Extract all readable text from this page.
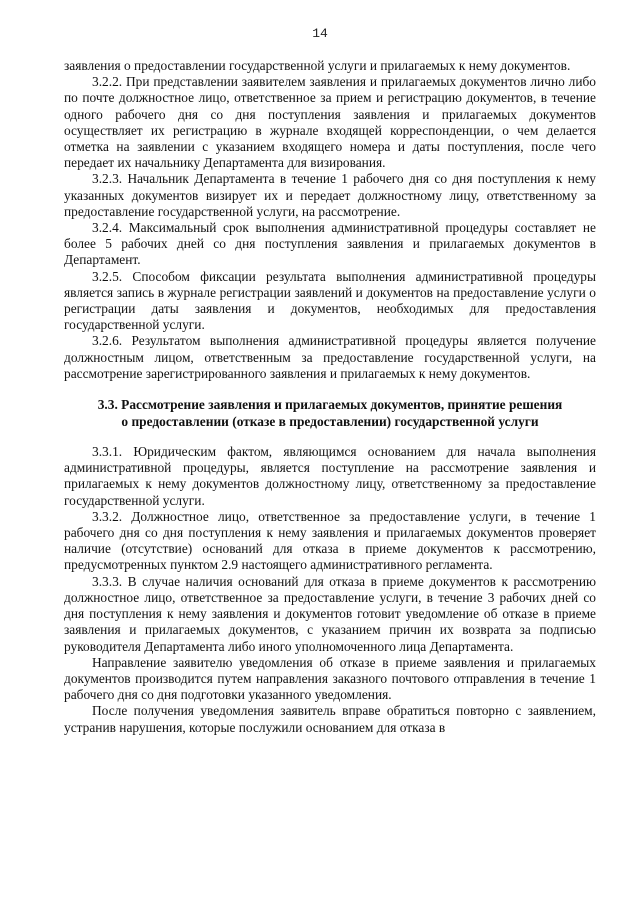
14

заявления о предоставлении государственной услуги и прилагаемых к нему документов.

3.2.2. При представлении заявителем заявления и прилагаемых документов лично либо по почте должностное лицо, ответственное за прием и регистрацию документов, в течение одного рабочего дня со дня поступления заявления и прилагаемых документов осуществляет их регистрацию в журнале входящей корреспонденции, о чем делается отметка на заявлении с указанием входящего номера и даты поступления, после чего передает их начальнику Департамента для визирования.

3.2.3. Начальник Департамента в течение 1 рабочего дня со дня поступления к нему указанных документов визирует их и передает должностному лицу, ответственному за предоставление государственной услуги, на рассмотрение.

3.2.4. Максимальный срок выполнения административной процедуры составляет не более 5 рабочих дней со дня поступления заявления и прилагаемых документов в Департамент.

3.2.5. Способом фиксации результата выполнения административной процедуры является запись в журнале регистрации заявлений и документов на предоставление услуги о регистрации даты заявления и документов, необходимых для предоставления государственной услуги.

3.2.6. Результатом выполнения административной процедуры является получение должностным лицом, ответственным за предоставление государственной услуги, на рассмотрение зарегистрированного заявления и прилагаемых к нему документов.

3.3. Рассмотрение заявления и прилагаемых документов, принятие решения
о предоставлении (отказе в предоставлении) государственной услуги

3.3.1. Юридическим фактом, являющимся основанием для начала выполнения административной процедуры, является поступление на рассмотрение заявления и прилагаемых к нему документов должностному лицу, ответственному за предоставление государственной услуги.

3.3.2. Должностное лицо, ответственное за предоставление услуги, в течение 1 рабочего дня со дня поступления к нему заявления и прилагаемых документов проверяет наличие (отсутствие) оснований для отказа в приеме документов к рассмотрению, предусмотренных пунктом 2.9 настоящего административного регламента.

3.3.3. В случае наличия оснований для отказа в приеме документов к рассмотрению должностное лицо, ответственное за предоставление услуги, в течение 3 рабочих дней со дня поступления к нему заявления и документов готовит уведомление об отказе в приеме заявления и прилагаемых документов, с указанием причин их возврата за подписью руководителя Департамента либо иного уполномоченного лица Департамента.

Направление заявителю уведомления об отказе в приеме заявления и прилагаемых документов производится путем направления заказного почтового отправления в течение 1 рабочего дня со дня подготовки указанного уведомления.

После получения уведомления заявитель вправе обратиться повторно с заявлением, устранив нарушения, которые послужили основанием для отказа в
